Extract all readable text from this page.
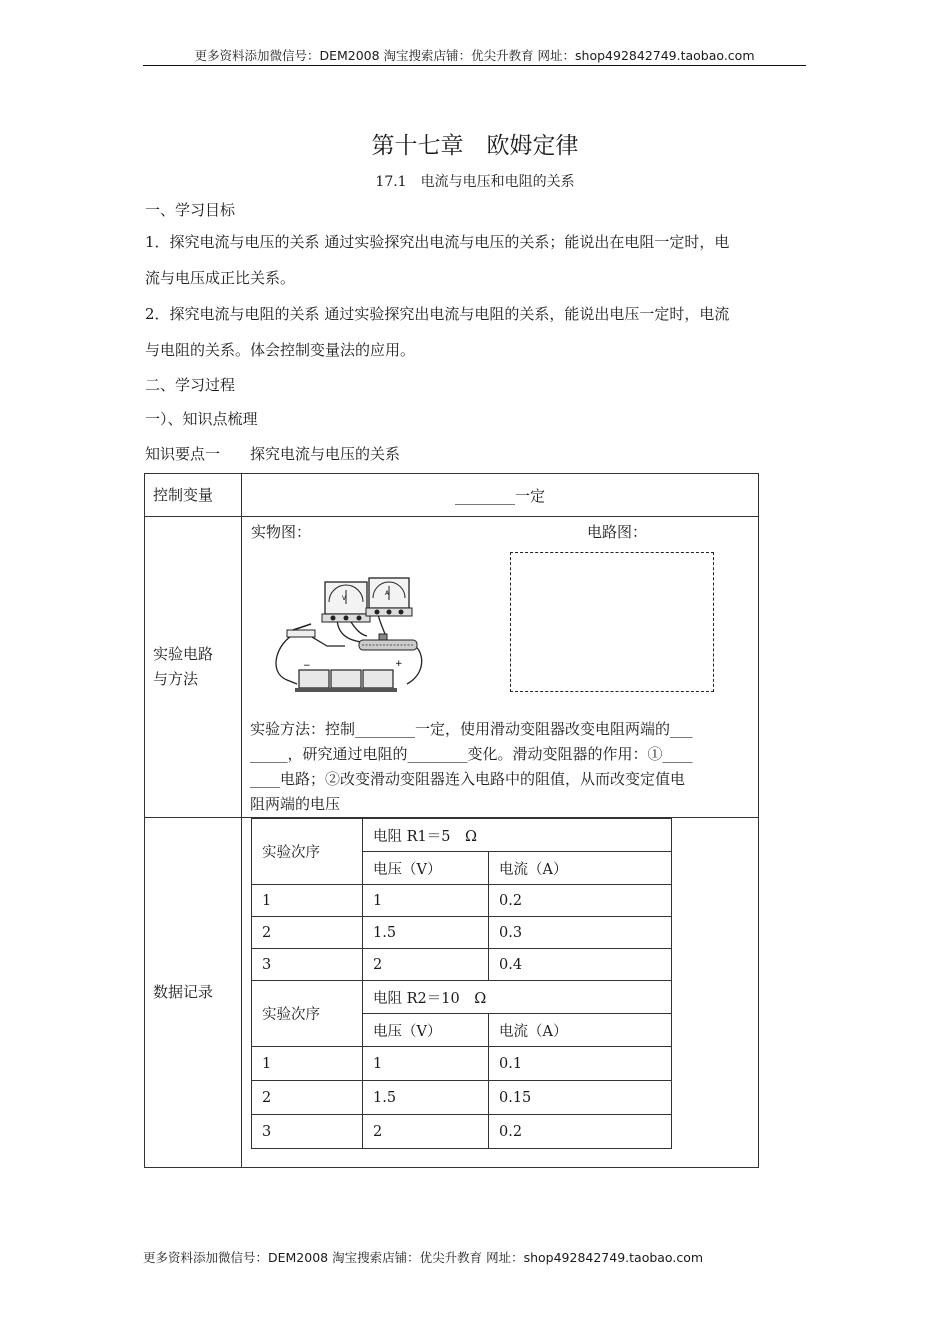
更多资料添加微信号：DEM2008 淘宝搜索店铺：优尖升教育 网址：shop492842749.taobao.com
第十七章　欧姆定律
17.1　电流与电压和电阻的关系
一、学习目标
1．探究电流与电压的关系 通过实验探究出电流与电压的关系；能说出在电阻一定时，电
流与电压成正比关系。
2．探究电流与电阻的关系 通过实验探究出电流与电阻的关系，能说出电压一定时，电流
与电阻的关系。体会控制变量法的应用。
二、学习过程
一）、知识点梳理
知识要点一　　探究电流与电压的关系
控制变量	________一定

实验电路
与方法

实物图：	电路图：
V
A
−	+
实验方法：控制________一定，使用滑动变阻器改变电阻两端的___
_____，研究通过电阻的________变化。滑动变阻器的作用：①____
____电路；②改变滑动变阻器连入电路中的阻值，从而改变定值电
阻两端的电压

数据记录	
实验次序	电阻 R1＝5　Ω
电压（V）	电流（A）
1	1	0.2
2	1.5	0.3
3	2	0.4
实验次序	电阻 R2＝10　Ω
电压（V）	电流（A）
1	1	0.1
2	1.5	0.15
3	2	0.2
更多资料添加微信号：DEM2008 淘宝搜索店铺：优尖升教育 网址：shop492842749.taobao.com
